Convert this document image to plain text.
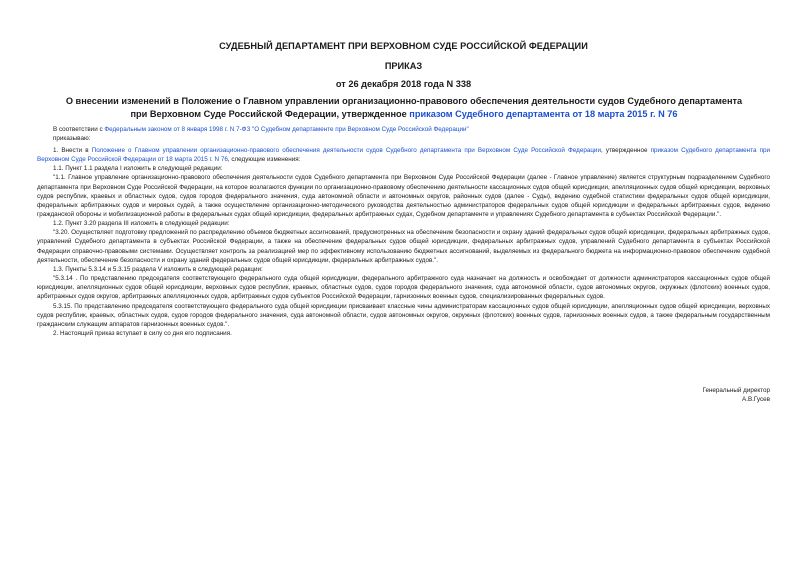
СУДЕБНЫЙ ДЕПАРТАМЕНТ ПРИ ВЕРХОВНОМ СУДЕ РОССИЙСКОЙ ФЕДЕРАЦИИ
ПРИКАЗ
от 26 декабря 2018 года N 338
О внесении изменений в Положение о Главном управлении организационно-правового обеспечения деятельности судов Судебного департамента при Верховном Суде Российской Федерации, утвержденное приказом Судебного департамента от 18 марта 2015 г. N 76

В соответствии с Федеральным законом от 8 января 1998 г. N 7-ФЗ "О Судебном департаменте при Верховном Суде Российской Федерации"

приказываю:

1. Внести в Положение о Главном управлении организационно-правового обеспечения деятельности судов Судебного департамента при Верховном Суде Российской Федерации, утвержденное приказом Судебного департамента при Верховном Суде Российской Федерации от 18 марта 2015 г. N 76, следующие изменения:

1.1. Пункт 1.1 раздела I изложить в следующей редакции:

"1.1. Главное управление организационно-правового обеспечения деятельности судов Судебного департамента при Верховном Суде Российской Федерации (далее - Главное управление) является структурным подразделением Судебного департамента при Верховном Суде Российской Федерации, на которое возлагаются функции по организационно-правовому обеспечению деятельности кассационных судов общей юрисдикции, апелляционных судов общей юрисдикции, верховных судов республик, краевых и областных судов, судов городов федерального значения, суда автономной области и автономных округов, районных судов (далее - Суды), ведению судебной статистики федеральных судов общей юрисдикции, федеральных арбитражных судов и мировых судей, а также осуществление организационно-методического руководства деятельностью администраторов федеральных судов общей юрисдикции и федеральных арбитражных судов, ведению гражданской обороны и мобилизационной работы в федеральных судах общей юрисдикции, федеральных арбитражных судах, Судебном департаменте и управлениях Судебного департамента в субъектах Российской Федерации.".

1.2. Пункт 3.20 раздела III изложить в следующей редакции:

"3.20. Осуществляет подготовку предложений по распределению объемов бюджетных ассигнований, предусмотренных на обеспечение безопасности и охрану зданий федеральных судов общей юрисдикции, федеральных арбитражных судов, управлений Судебного департамента в субъектах Российской Федерации, а также на обеспечение федеральных судов общей юрисдикции, федеральных арбитражных судов, управлений Судебного департамента в субъектах Российской Федерации справочно-правовыми системами. Осуществляет контроль за реализацией мер по эффективному использованию бюджетных ассигнований, выделяемых из федерального бюджета на информационно-правовое обеспечение судебной деятельности, обеспечение безопасности и охрану зданий федеральных судов общей юрисдикции, федеральных арбитражных судов.".

1.3. Пункты 5.3.14 и 5.3.15 раздела V изложить в следующей редакции:

"5.3.14 . По представлению председателя соответствующего федерального суда общей юрисдикции, федерального арбитражного суда назначает на должность и освобождает от должности администраторов кассационных судов общей юрисдикции, апелляционных судов общей юрисдикции, верховных судов республик, краевых, областных судов, судов городов федерального значения, суда автономной области, судов автономных округов, окружных (флотских) военных судов, арбитражных судов округов, арбитражных апелляционных судов, арбитражных судов субъектов Российской Федерации, гарнизонных военных судов, специализированных федеральных судов.

5.3.15. По представлению председателя соответствующего федерального суда общей юрисдикции присваивает классные чины администраторам кассационных судов общей юрисдикции, апелляционных судов общей юрисдикции, верховных судов республик, краевых, областных судов, судов городов федерального значения, суда автономной области, судов автономных округов, окружных (флотских) военных судов, гарнизонных военных судов, а также федеральным государственным гражданским служащим аппаратов гарнизонных военных судов.".

2. Настоящий приказ вступает в силу со дня его подписания.

Генеральный директор
А.В.Гусев
